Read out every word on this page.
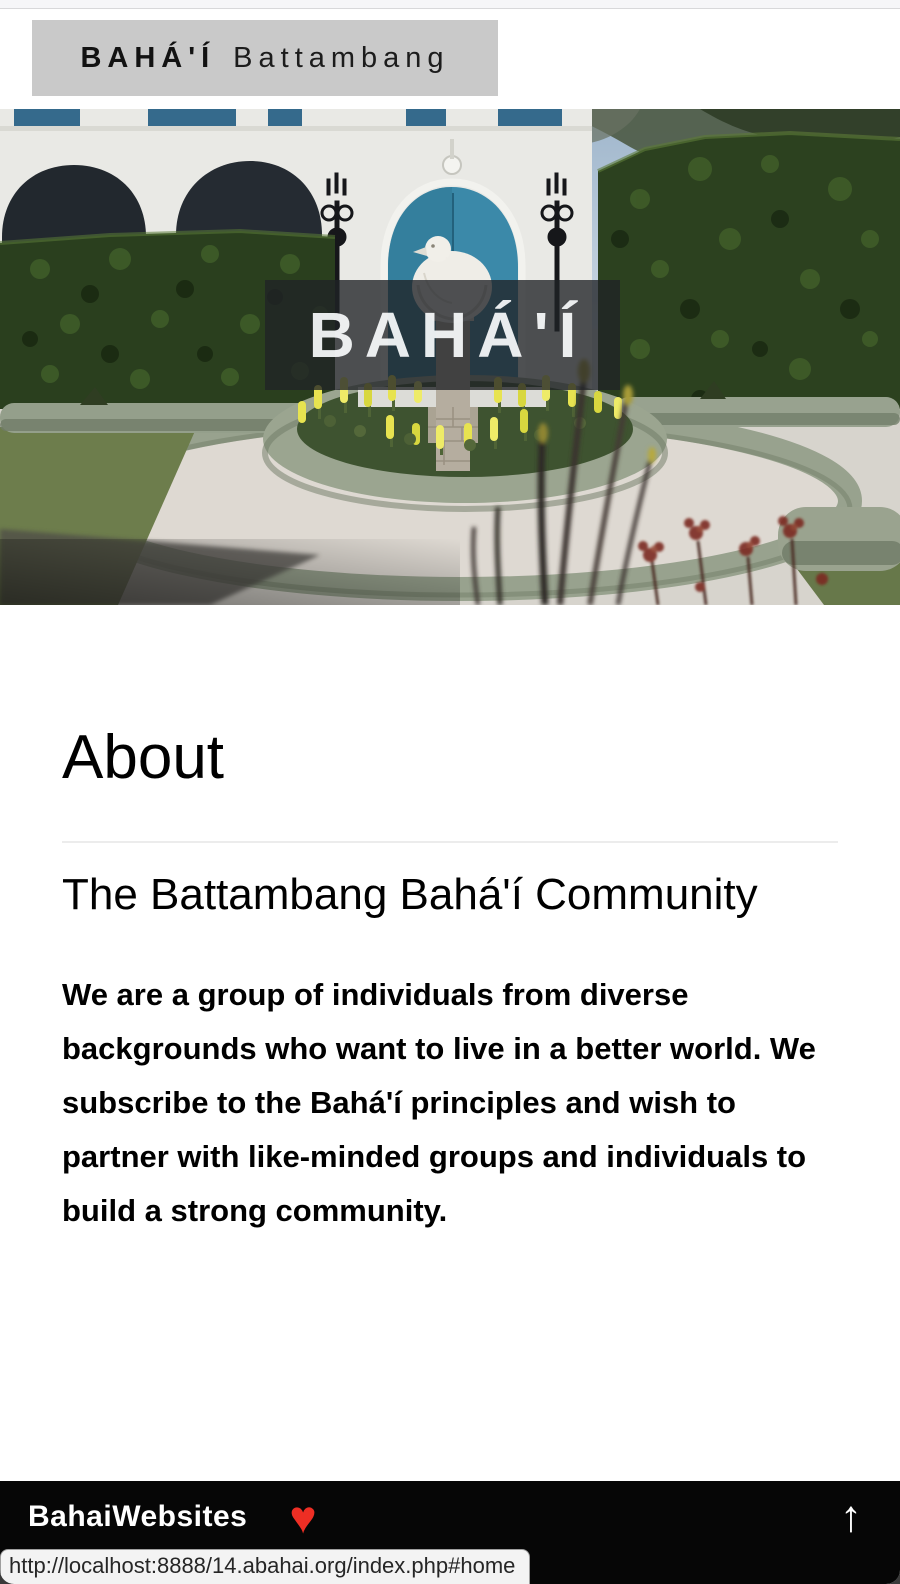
BAHÁ'Í Battambang
BAHÁ'Í
About
The Battambang Bahá'í Community

We are a group of individuals from diverse backgrounds who want to live in a better world. We subscribe to the Bahá'í principles and wish to partner with like-minded groups and individuals to build a strong community.

BahaiWebsites ♥	↑
http://localhost:8888/14.abahai.org/index.php#home
